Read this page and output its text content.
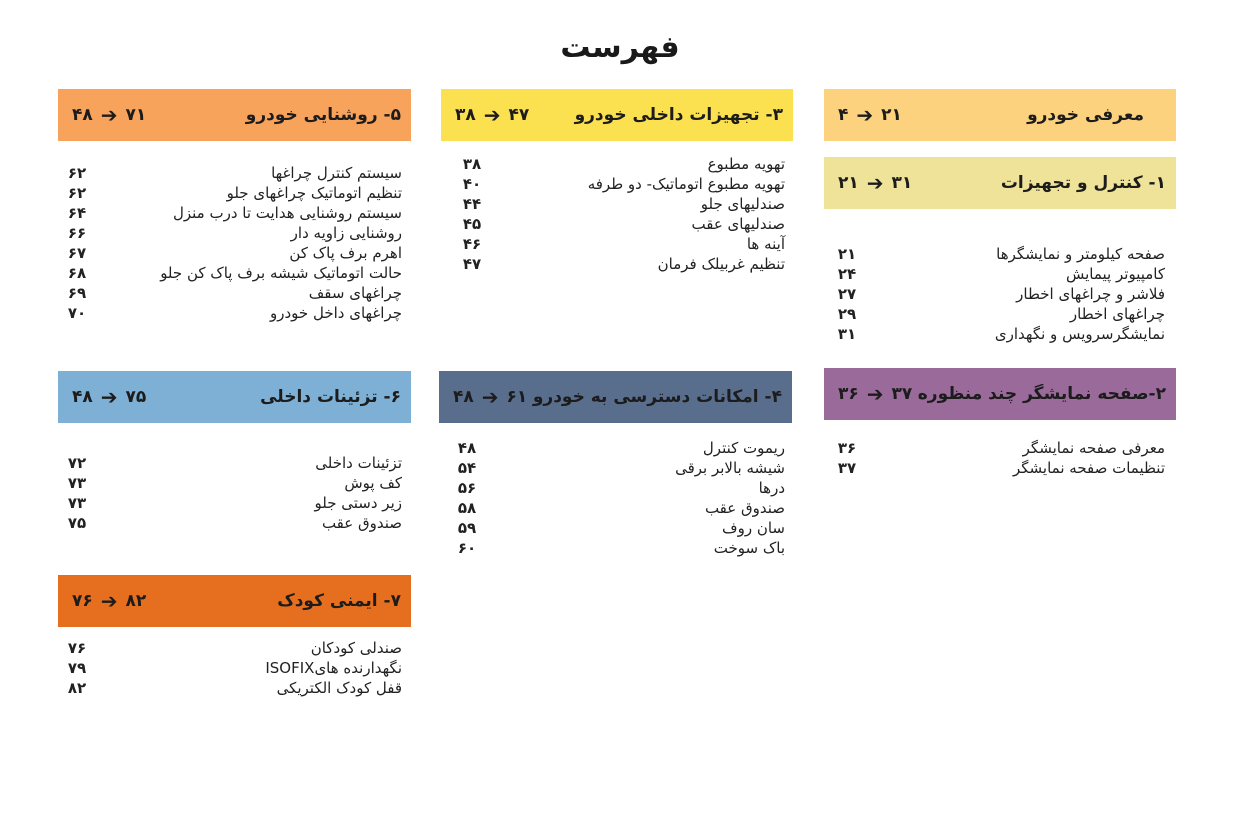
فهرست
معرفی خودرو
۴ ➔ ۲۱
۱- کنترل و تجهیزات
۲۱ ➔ ۳۱
صفحه کیلومتر و نمایشگرها
۲۱
کامپیوتر پیمایش
۲۴
فلاشر و چراغهای اخطار
۲۷
چراغهای اخطار
۲۹
نمایشگرسرویس و نگهداری
۳۱
۲-صفحه نمایشگر چند منظوره
۳۶ ➔ ۳۷
معرفی صفحه نمایشگر
۳۶
تنظیمات صفحه نمایشگر
۳۷
۳- تجهیزات داخلی خودرو
۳۸ ➔ ۴۷
تهویه مطبوع
۳۸
تهویه مطبوع اتوماتیک- دو طرفه
۴۰
صندلیهای جلو
۴۴
صندلیهای عقب
۴۵
آینه ها
۴۶
تنظیم غربیلک فرمان
۴۷
۴- امکانات دسترسی به خودرو
۴۸ ➔ ۶۱
ریموت کنترل
۴۸
شیشه بالابر برقی
۵۴
درها
۵۶
صندوق عقب
۵۸
سان روف
۵۹
باک سوخت
۶۰
۵- روشنایی خودرو
۴۸ ➔ ۷۱
سیستم کنترل چراغها
۶۲
تنظیم اتوماتیک چراغهای جلو
۶۲
سیستم روشنایی هدایت تا درب منزل
۶۴
روشنایی زاویه دار
۶۶
اهرم برف پاک کن
۶۷
حالت اتوماتیک شیشه برف پاک کن جلو
۶۸
چراغهای سقف
۶۹
چراغهای داخل خودرو
۷۰
۶- تزئینات داخلی
۴۸ ➔ ۷۵
تزئینات داخلی
۷۲
کف پوش
۷۳
زیر دستی جلو
۷۳
صندوق عقب
۷۵
۷- ایمنی کودک
۷۶ ➔ ۸۲
صندلی کودکان
۷۶
نگهدارنده هایISOFIX
۷۹
قفل کودک الکتریکی
۸۲
